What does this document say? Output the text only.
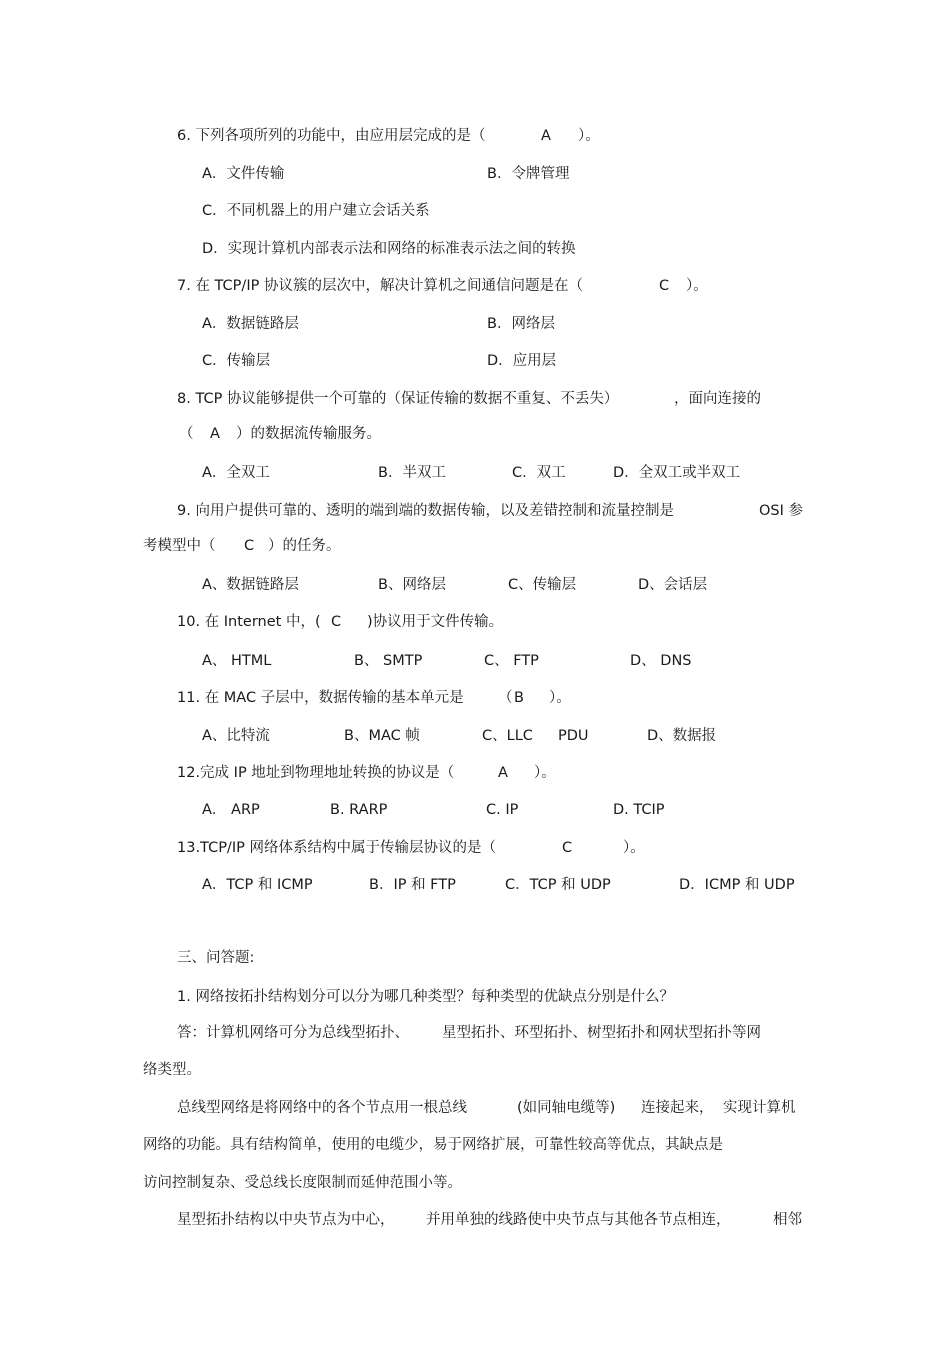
6. 下列各项所列的功能中，由应用层完成的是（	A ）。
A．文件传输	B．令牌管理
C．不同机器上的用户建立会话关系
D．实现计算机内部表示法和网络的标准表示法之间的转换
7. 在 TCP/IP 协议簇的层次中，解决计算机之间通信问题是在（	C ）。
A．数据链路层	B．网络层
C．传输层	D．应用层
8. TCP 协议能够提供一个可靠的（保证传输的数据不重复、不丢失）	，面向连接的
（ A ）的数据流传输服务。
A．全双工	B．半双工	C．双工	D．全双工或半双工
9. 向用户提供可靠的、透明的端到端的数据传输，以及差错控制和流量控制是	OSI 参
考模型中（ C ）的任务。
A、数据链路层	B、网络层	C、传输层	D、会话层
10. 在 Internet 中，( C )协议用于文件传输。
A、 HTML	B、 SMTP	C、 FTP	D、 DNS
11. 在 MAC 子层中，数据传输的基本单元是 （ B ）。
A、比特流	B、MAC 帧	C、LLC PDU	D、数据报
12.完成 IP 地址到物理地址转换的协议是（	A ）。
A． ARP	B. RARP	C. IP	D. TCIP
13.TCP/IP 网络体系结构中属于传输层协议的是（	C	）。
A．TCP 和 ICMP	B．IP 和 FTP	C．TCP 和 UDP	D．ICMP 和 UDP
三、问答题:
1. 网络按拓扑结构划分可以分为哪几种类型？每种类型的优缺点分别是什么？
答：计算机网络可分为总线型拓扑、 星型拓扑、环型拓扑、树型拓扑和网状型拓扑等网
络类型。
总线型网络是将网络中的各个节点用一根总线	(如同轴电缆等) 连接起来， 实现计算机
网络的功能。具有结构简单，使用的电缆少，易于网络扩展，可靠性较高等优点，其缺点是
访问控制复杂、受总线长度限制而延伸范围小等。
星型拓扑结构以中央节点为中心， 并用单独的线路使中央节点与其他各节点相连，	相邻
